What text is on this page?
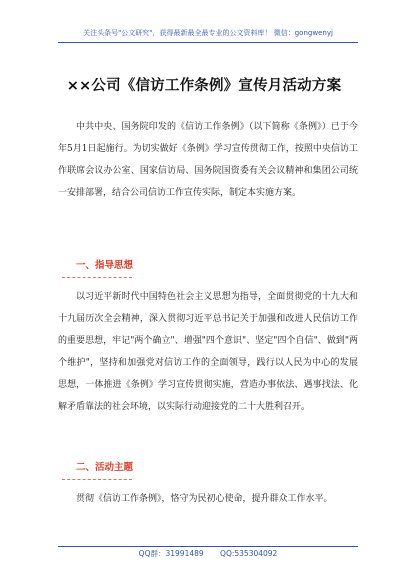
关注头条号"公文研究"，获得最新最全最专业的公文资料库！ 微信：gongwenyj
××公司《信访工作条例》宣传月活动方案
中共中央、国务院印发的《信访工作条例》（以下简称《条例》）已于今年5月1日起施行。为切实做好《条例》学习宣传贯彻工作，按照中央信访工作联席会议办公室、国家信访局、国务院国资委有关会议精神和集团公司统一安排部署，结合公司信访工作宣传实际，制定本实施方案。
一、指导思想
以习近平新时代中国特色社会主义思想为指导，全面贯彻党的十九大和十九届历次全会精神，深入贯彻习近平总书记关于加强和改进人民信访工作的重要思想，牢记"两个确立"、增强"四个意识"、坚定"四个自信"、做到"两个维护"，坚持和加强党对信访工作的全面领导，践行以人民为中心的发展思想，一体推进《条例》学习宣传贯彻实施，营造办事依法、遇事找法、化解矛盾靠法的社会环境，以实际行动迎接党的二十大胜利召开。
二、活动主题
贯彻《信访工作条例》，恪守为民初心使命，提升群众工作水平。
QQ群：31991489 QQ:535304092
